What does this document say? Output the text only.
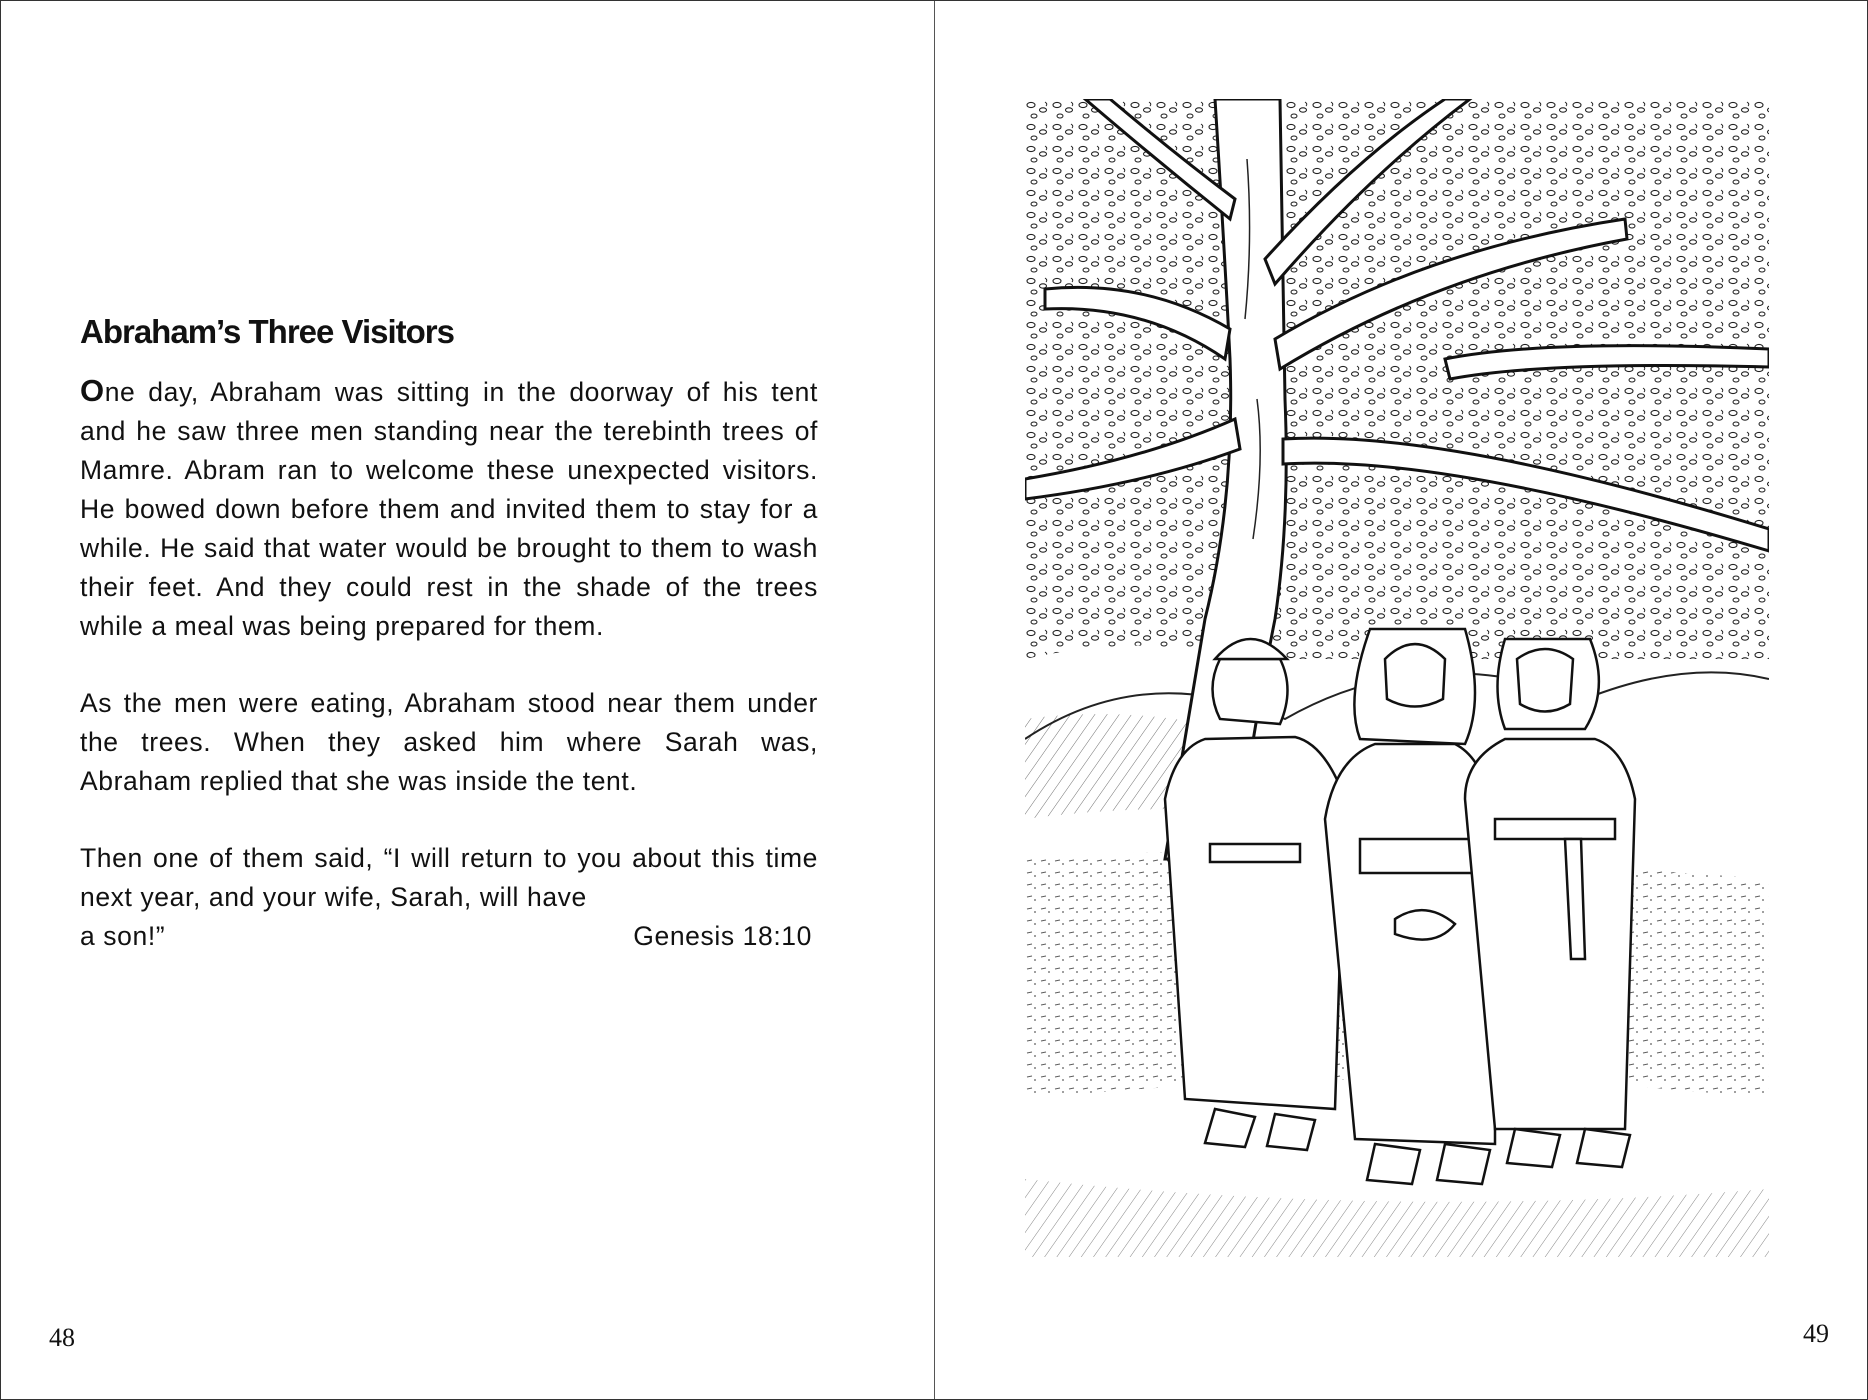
Abraham’s Three Visitors

One day, Abraham was sitting in the doorway of his tent and he saw three men standing near the terebinth trees of Mamre. Abram ran to welcome these unexpected visitors. He bowed down before them and invited them to stay for a while. He said that water would be brought to them to wash their feet. And they could rest in the shade of the trees while a meal was being prepared for them.

As the men were eating, Abraham stood near them under the trees. When they asked him where Sarah was, Abraham replied that she was inside the tent.

Then one of them said, “I will return to you about this time next year, and your wife, Sarah, will have

a son!”	Genesis 18:10
48	49
